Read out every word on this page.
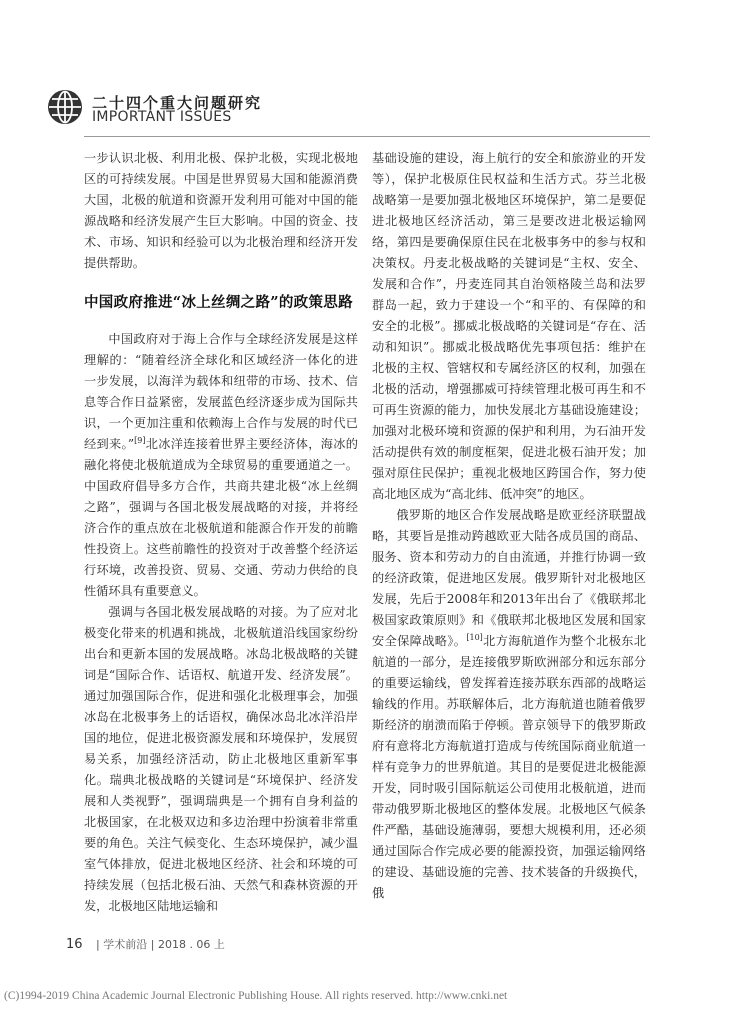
二十四个重大问题研究
IMPORTANT ISSUES

一步认识北极、利用北极、保护北极，实现北极地区的可持续发展。中国是世界贸易大国和能源消费大国，北极的航道和资源开发利用可能对中国的能源战略和经济发展产生巨大影响。中国的资金、技术、市场、知识和经验可以为北极治理和经济开发提供帮助。

中国政府推进“冰上丝绸之路”的政策思路

中国政府对于海上合作与全球经济发展是这样理解的：“随着经济全球化和区域经济一体化的进一步发展，以海洋为载体和纽带的市场、技术、信息等合作日益紧密，发展蓝色经济逐步成为国际共识，一个更加注重和依赖海上合作与发展的时代已经到来。”[9]北冰洋连接着世界主要经济体，海冰的融化将使北极航道成为全球贸易的重要通道之一。中国政府倡导多方合作，共商共建北极“冰上丝绸之路”，强调与各国北极发展战略的对接，并将经济合作的重点放在北极航道和能源合作开发的前瞻性投资上。这些前瞻性的投资对于改善整个经济运行环境，改善投资、贸易、交通、劳动力供给的良性循环具有重要意义。

强调与各国北极发展战略的对接。为了应对北极变化带来的机遇和挑战，北极航道沿线国家纷纷出台和更新本国的发展战略。冰岛北极战略的关键词是“国际合作、话语权、航道开发、经济发展”。通过加强国际合作，促进和强化北极理事会，加强冰岛在北极事务上的话语权，确保冰岛北冰洋沿岸国的地位，促进北极资源发展和环境保护，发展贸易关系，加强经济活动，防止北极地区重新军事化。瑞典北极战略的关键词是“环境保护、经济发展和人类视野”，强调瑞典是一个拥有自身利益的北极国家，在北极双边和多边治理中扮演着非常重要的角色。关注气候变化、生态环境保护，减少温室气体排放，促进北极地区经济、社会和环境的可持续发展（包括北极石油、天然气和森林资源的开发，北极地区陆地运输和

基础设施的建设，海上航行的安全和旅游业的开发等），保护北极原住民权益和生活方式。芬兰北极战略第一是要加强北极地区环境保护，第二是要促进北极地区经济活动，第三是要改进北极运输网络，第四是要确保原住民在北极事务中的参与权和决策权。丹麦北极战略的关键词是“主权、安全、发展和合作”，丹麦连同其自治领格陵兰岛和法罗群岛一起，致力于建设一个“和平的、有保障的和安全的北极”。挪威北极战略的关键词是“存在、活动和知识”。挪威北极战略优先事项包括：维护在北极的主权、管辖权和专属经济区的权利，加强在北极的活动，增强挪威可持续管理北极可再生和不可再生资源的能力，加快发展北方基础设施建设；加强对北极环境和资源的保护和利用，为石油开发活动提供有效的制度框架，促进北极石油开发；加强对原住民保护；重视北极地区跨国合作，努力使高北地区成为“高北纬、低冲突”的地区。

俄罗斯的地区合作发展战略是欧亚经济联盟战略，其要旨是推动跨越欧亚大陆各成员国的商品、服务、资本和劳动力的自由流通，并推行协调一致的经济政策，促进地区发展。俄罗斯针对北极地区发展，先后于2008年和2013年出台了《俄联邦北极国家政策原则》和《俄联邦北极地区发展和国家安全保障战略》。[10]北方海航道作为整个北极东北航道的一部分，是连接俄罗斯欧洲部分和远东部分的重要运输线，曾发挥着连接苏联东西部的战略运输线的作用。苏联解体后，北方海航道也随着俄罗斯经济的崩溃而陷于停顿。普京领导下的俄罗斯政府有意将北方海航道打造成与传统国际商业航道一样有竞争力的世界航道。其目的是要促进北极能源开发，同时吸引国际航运公司使用北极航道，进而带动俄罗斯北极地区的整体发展。北极地区气候条件严酷，基础设施薄弱，要想大规模利用，还必须通过国际合作完成必要的能源投资，加强运输网络的建设、基础设施的完善、技术装备的升级换代，俄

16 | 学术前沿 | 2018 . 06 上
(C)1994-2019 China Academic Journal Electronic Publishing House. All rights reserved. http://www.cnki.net
